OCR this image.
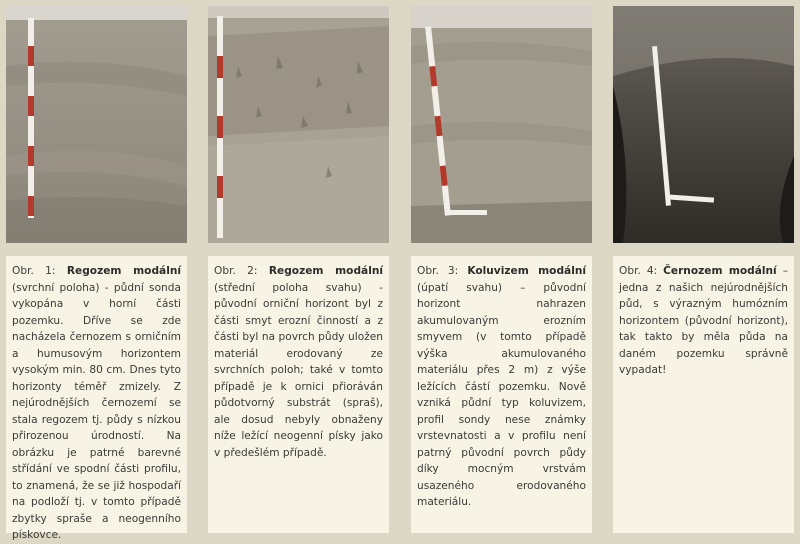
Obr. 1: Regozem modální (svrchní poloha) - půdní sonda vykopána v horní části pozemku. Dříve se zde nacházela černozem s orničním a humusovým horizontem vysokým min. 80 cm. Dnes tyto horizonty téměř zmizely. Z nejúrodnějších černozemí se stala regozem tj. půdy s nízkou přirozenou úrodností. Na obrázku je patrné barevné střídání ve spodní části profilu, to znamená, že se již hospodaří na podloží tj. v tomto případě zbytky spraše a neogenního pískovce.
Obr. 2: Regozem modální (střední poloha svahu) - původní orniční horizont byl z části smyt erozní činností a z části byl na povrch půdy uložen materiál erodovaný ze svrchních poloh; také v tomto případě je k ornici přioráván půdotvorný substrát (spraš), ale dosud nebyly obnaženy níže ležící neogenní písky jako v předešlém případě.
Obr. 3: Koluvizem modální (úpatí svahu) – původní horizont nahrazen akumulovaným erozním smyvem (v tomto případě výška akumulovaného materiálu přes 2 m) z výše ležících částí pozemku. Nově vzniká půdní typ koluvizem, profil sondy nese známky vrstevnatosti a v profilu není patrný původní povrch půdy díky mocným vrstvám usazeného erodovaného materiálu.
Obr. 4: Černozem modální – jedna z našich nejúrodnějších půd, s výrazným humózním horizontem (původní horizont), tak takto by měla půda na daném pozemku správně vypadat!
